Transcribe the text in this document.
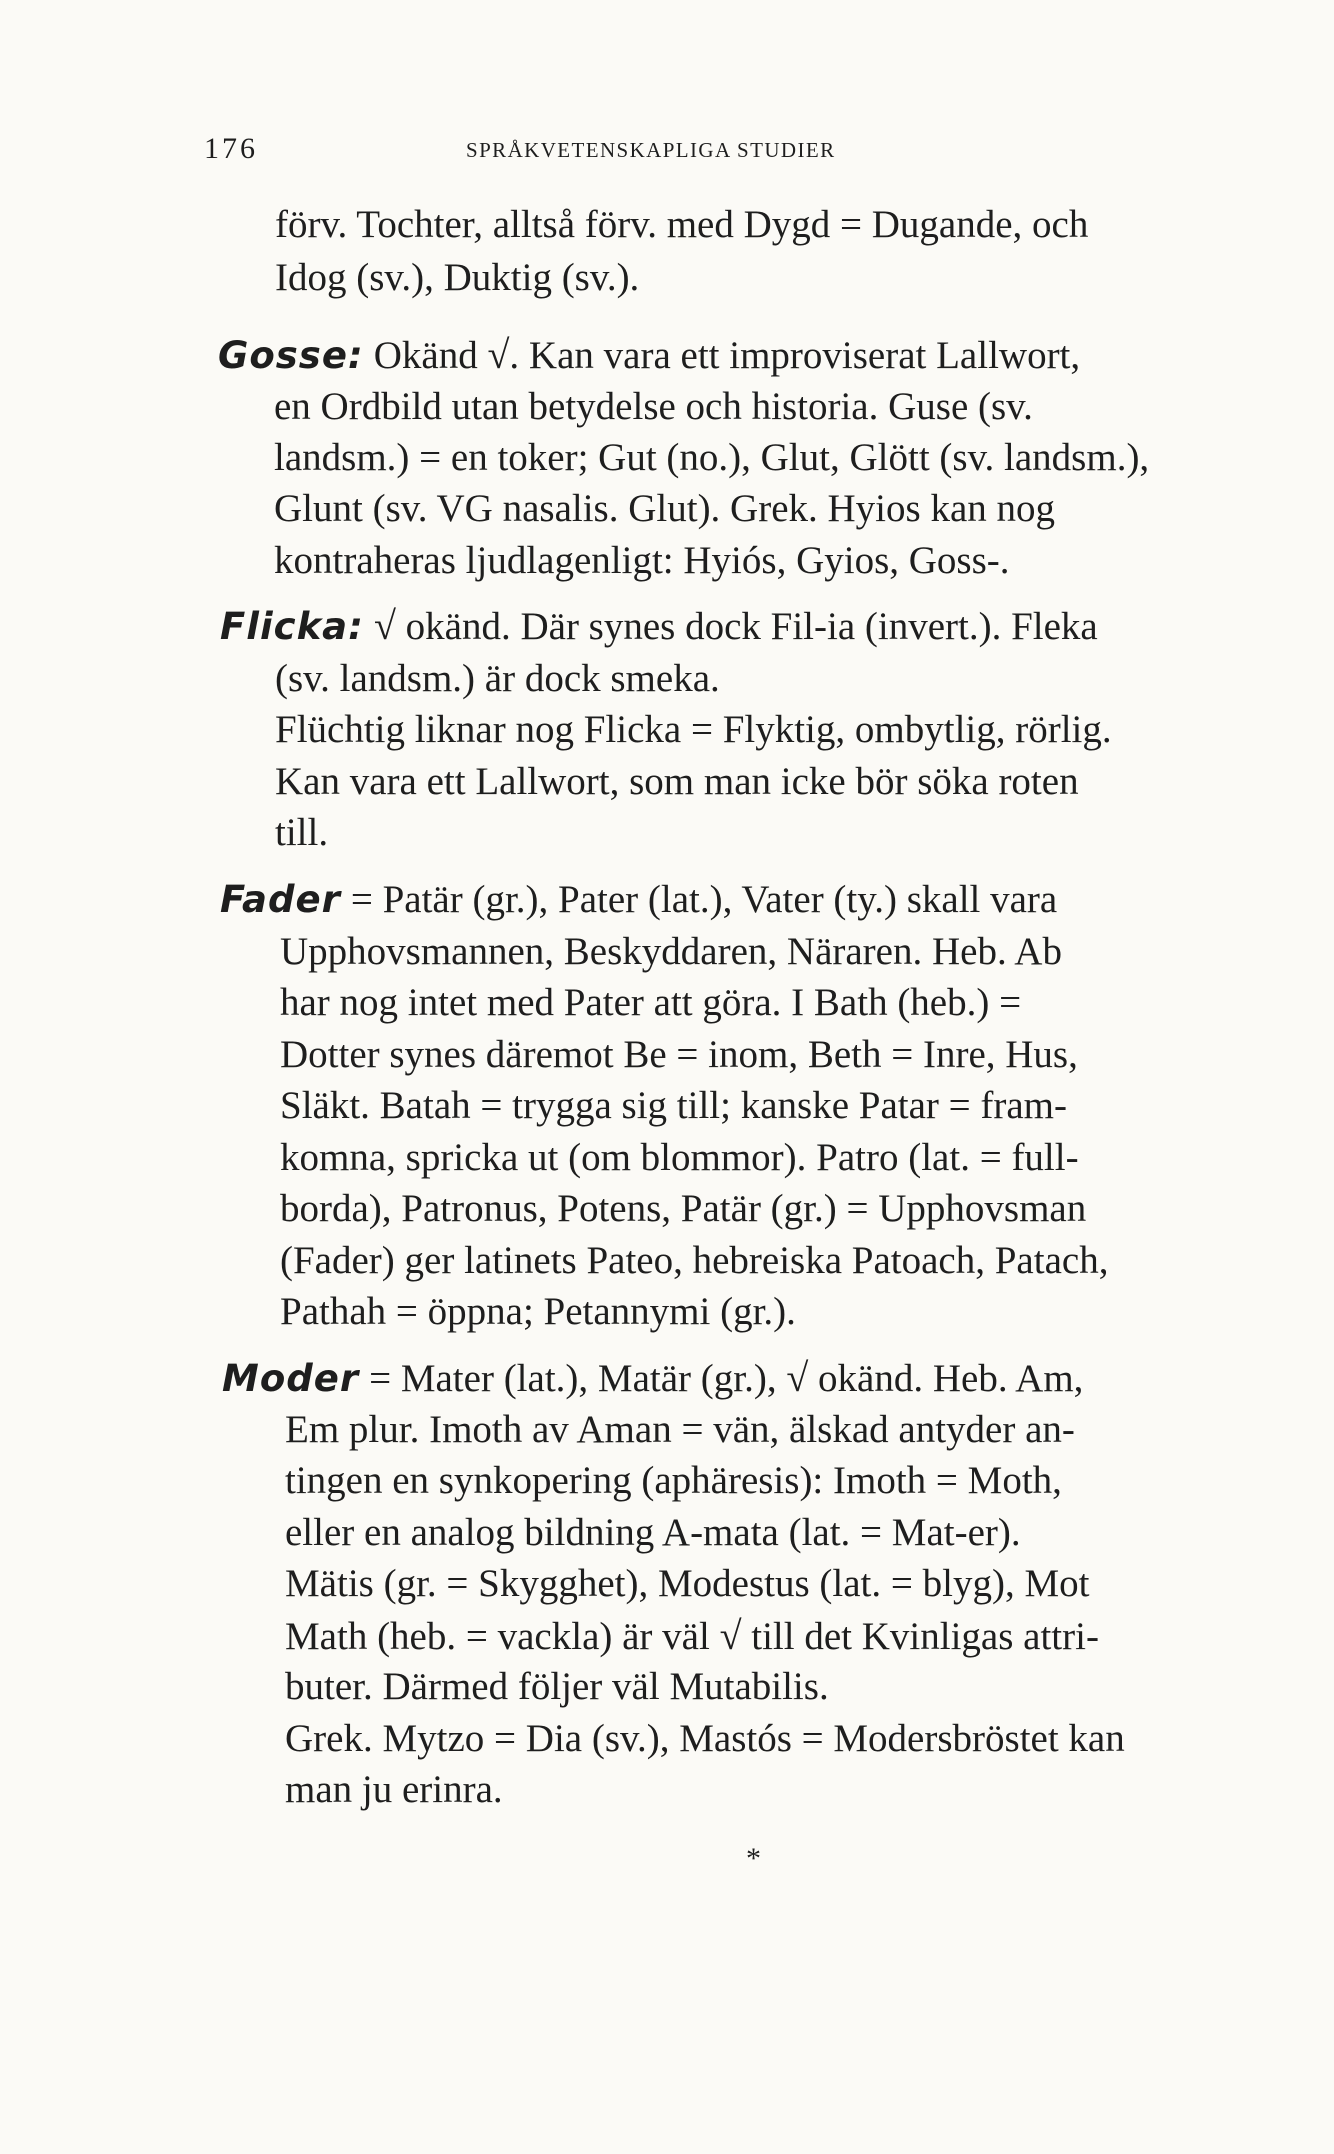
176	SPRÅKVETENSKAPLIGA STUDIER
förv. Tochter, alltså förv. med Dygd = Dugande, och
Idog (sv.), Duktig (sv.).
Gosse: Okänd √. Kan vara ett improviserat Lallwort,
en Ordbild utan betydelse och historia. Guse (sv.
landsm.) = en toker; Gut (no.), Glut, Glött (sv. landsm.),
Glunt (sv. VG nasalis. Glut). Grek. Hyios kan nog
kontraheras ljudlagenligt: Hyiós, Gyios, Goss-.
Flicka: √ okänd. Där synes dock Fil-ia (invert.). Fleka
(sv. landsm.) är dock smeka.
Flüchtig liknar nog Flicka = Flyktig, ombytlig, rörlig.
Kan vara ett Lallwort, som man icke bör söka roten
till.
Fader = Patär (gr.), Pater (lat.), Vater (ty.) skall vara
Upphovsmannen, Beskyddaren, Näraren. Heb. Ab
har nog intet med Pater att göra. I Bath (heb.) =
Dotter synes däremot Be = inom, Beth = Inre, Hus,
Släkt. Batah = trygga sig till; kanske Patar = fram-
komna, spricka ut (om blommor). Patro (lat. = full-
borda), Patronus, Potens, Patär (gr.) = Upphovsman
(Fader) ger latinets Pateo, hebreiska Patoach, Patach,
Pathah = öppna; Petannymi (gr.).
Moder = Mater (lat.), Matär (gr.), √ okänd. Heb. Am,
Em plur. Imoth av Aman = vän, älskad antyder an-
tingen en synkopering (aphäresis): Imoth = Moth,
eller en analog bildning A-mata (lat. = Mat-er).
Mätis (gr. = Skygghet), Modestus (lat. = blyg), Mot
Math (heb. = vackla) är väl √ till det Kvinligas attri-
buter. Därmed följer väl Mutabilis.
Grek. Mytzo = Dia (sv.), Mastós = Modersbröstet kan
man ju erinra.
*
